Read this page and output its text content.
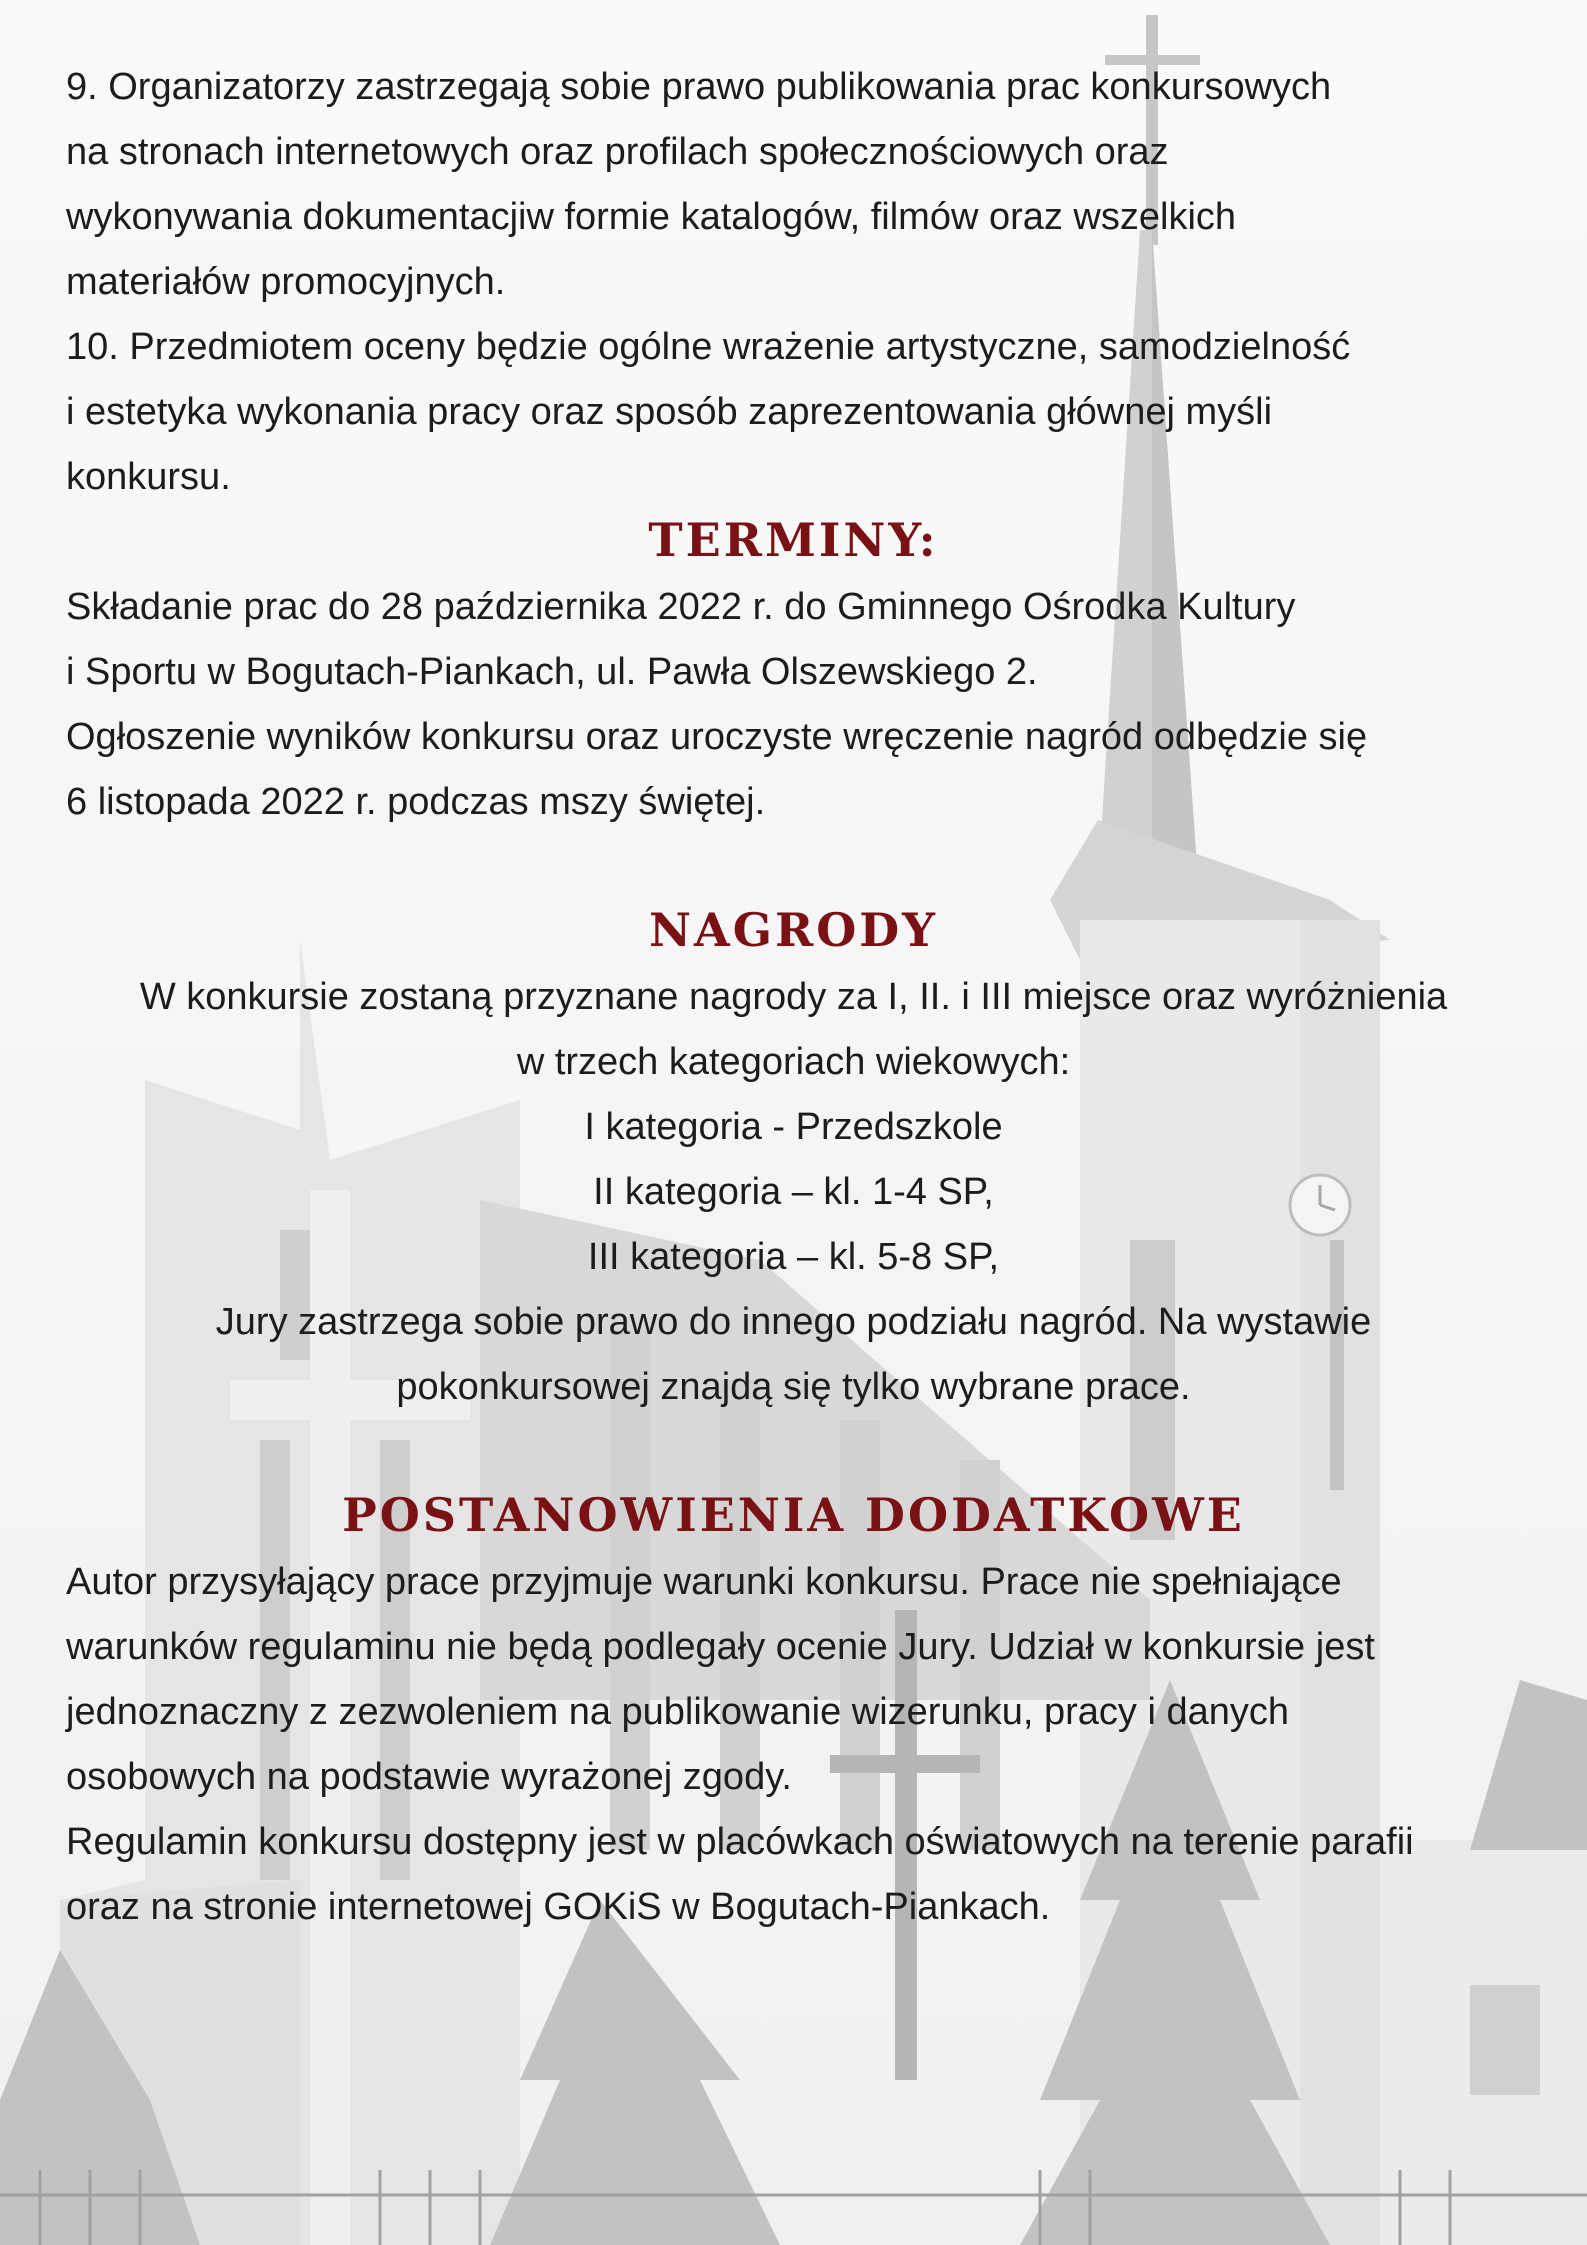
9. Organizatorzy zastrzegają sobie prawo publikowania prac konkursowych
na stronach internetowych oraz profilach społecznościowych oraz
wykonywania dokumentacjiw formie katalogów, filmów oraz wszelkich
materiałów promocyjnych.

10. Przedmiotem oceny będzie ogólne wrażenie artystyczne, samodzielność
i estetyka wykonania pracy oraz sposób zaprezentowania głównej myśli
konkursu.

TERMINY:

Składanie prac do 28 października 2022 r. do Gminnego Ośrodka Kultury
i Sportu w Bogutach-Piankach, ul. Pawła Olszewskiego 2.

Ogłoszenie wyników konkursu oraz uroczyste wręczenie nagród odbędzie się
6 listopada 2022 r. podczas mszy świętej.

NAGRODY

W konkursie zostaną przyznane nagrody za I, II. i III miejsce oraz wyróżnienia

w trzech kategoriach wiekowych:

I kategoria - Przedszkole

II kategoria – kl. 1-4 SP,

III kategoria – kl. 5-8 SP,

Jury zastrzega sobie prawo do innego podziału nagród. Na wystawie

pokonkursowej znajdą się tylko wybrane prace.

POSTANOWIENIA DODATKOWE

Autor przysyłający prace przyjmuje warunki konkursu. Prace nie spełniające
warunków regulaminu nie będą podlegały ocenie Jury. Udział w konkursie jest
jednoznaczny z zezwoleniem na publikowanie wizerunku, pracy i danych
osobowych na podstawie wyrażonej zgody.

Regulamin konkursu dostępny jest w placówkach oświatowych na terenie parafii
oraz na stronie internetowej GOKiS w Bogutach-Piankach.
